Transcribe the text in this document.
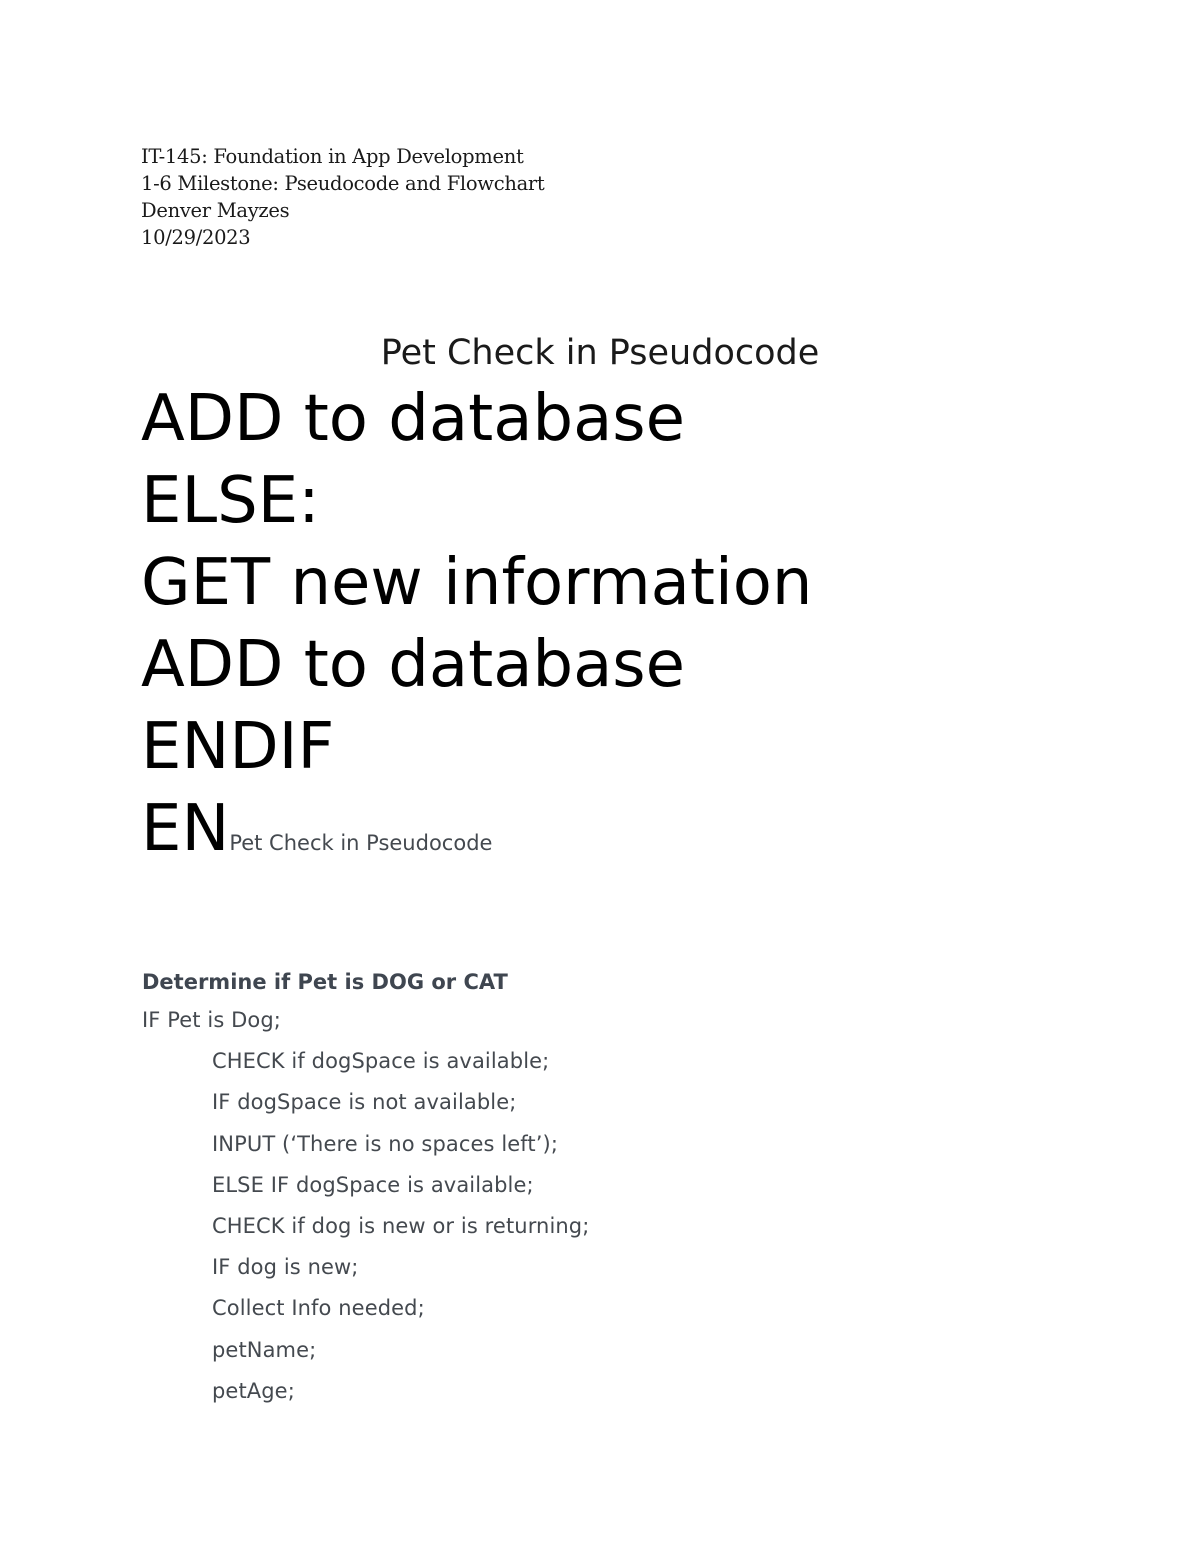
IT-145: Foundation in App Development
1-6 Milestone: Pseudocode and Flowchart
Denver Mayzes
10/29/2023
Pet Check in Pseudocode
ADD to database
ELSE:
GET new information
ADD to database
ENDIF
ENPet Check in Pseudocode
Determine if Pet is DOG or CAT
IF Pet is Dog;
CHECK if dogSpace is available;
IF dogSpace is not available;
INPUT (‘There is no spaces left’);
ELSE IF dogSpace is available;
CHECK if dog is new or is returning;
IF dog is new;
Collect Info needed;
petName;
petAge;
